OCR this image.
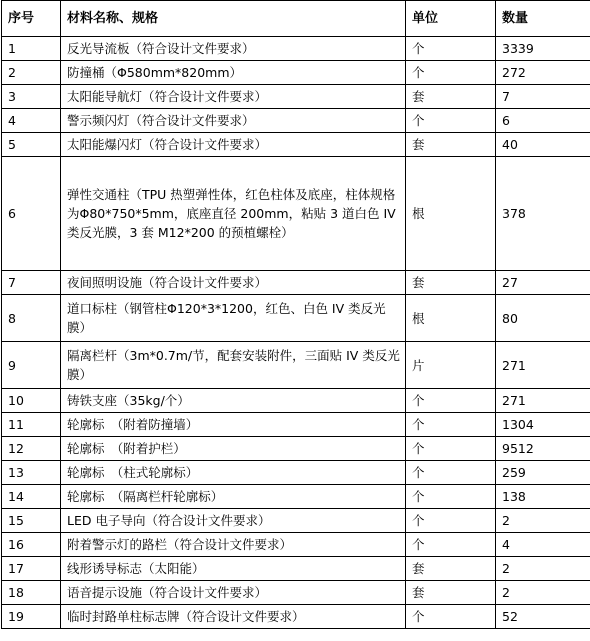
序号	材料名称、规格	单位	数量
1	反光导流板（符合设计文件要求）	个	3339
2	防撞桶（Φ580mm*820mm）	个	272
3	太阳能导航灯（符合设计文件要求）	套	7
4	警示频闪灯（符合设计文件要求）	个	6
5	太阳能爆闪灯（符合设计文件要求）	套	40
6	弹性交通柱（TPU 热塑弹性体，红色柱体及底座，柱体规格为Φ80*750*5mm，底座直径 200mm，粘贴 3 道白色 IV 类反光膜，3 套 M12*200 的预植螺栓）	根	378
7	夜间照明设施（符合设计文件要求）	套	27
8	道口标柱（钢管柱Φ120*3*1200，红色、白色 IV 类反光膜）	根	80
9	隔离栏杆（3m*0.7m/节，配套安装附件，三面贴 IV 类反光膜）	片	271
10	铸铁支座（35kg/个）	个	271
11	轮廓标　（附着防撞墙）	个	1304
12	轮廓标　（附着护栏）	个	9512
13	轮廓标　（柱式轮廓标）	个	259
14	轮廓标　（隔离栏杆轮廓标）	个	138
15	LED 电子导向（符合设计文件要求）	个	2
16	附着警示灯的路栏（符合设计文件要求）	个	4
17	线形诱导标志（太阳能）	套	2
18	语音提示设施（符合设计文件要求）	套	2
19	临时封路单柱标志牌（符合设计文件要求）	个	52
